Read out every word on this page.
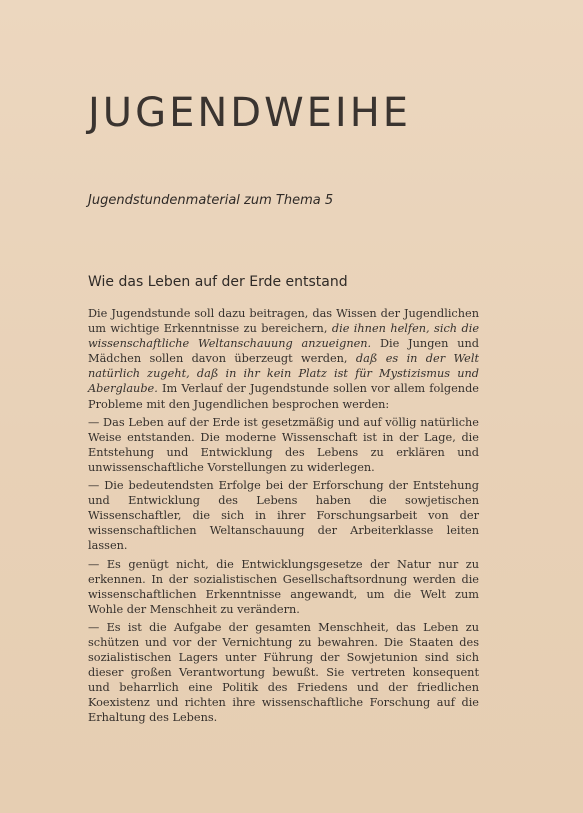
JUGENDWEIHE
Jugendstundenmaterial zum Thema 5
Wie das Leben auf der Erde entstand

Die Jugendstunde soll dazu beitragen, das Wissen der Jugendlichen um wichtige Erkenntnisse zu bereichern, die ihnen helfen, sich die wissenschaftliche Weltanschauung anzueignen. Die Jungen und Mädchen sollen davon überzeugt werden, daß es in der Welt natürlich zugeht, daß in ihr kein Platz ist für Mystizismus und Aberglaube. Im Verlauf der Jugendstunde sollen vor allem folgende Probleme mit den Jugendlichen besprochen werden:

— Das Leben auf der Erde ist gesetzmäßig und auf völlig natürliche Weise entstanden. Die moderne Wissenschaft ist in der Lage, die Entstehung und Entwicklung des Lebens zu erklären und unwissenschaftliche Vorstellungen zu widerlegen.

— Die bedeutendsten Erfolge bei der Erforschung der Entstehung und Entwicklung des Lebens haben die sowjetischen Wissenschaftler, die sich in ihrer Forschungsarbeit von der wissenschaftlichen Weltanschauung der Arbeiterklasse leiten lassen.

— Es genügt nicht, die Entwicklungsgesetze der Natur nur zu erkennen. In der sozialistischen Gesellschaftsordnung werden die wissenschaftlichen Erkenntnisse angewandt, um die Welt zum Wohle der Menschheit zu verändern.

— Es ist die Aufgabe der gesamten Menschheit, das Leben zu schützen und vor der Vernichtung zu bewahren. Die Staaten des sozialistischen Lagers unter Führung der Sowjetunion sind sich dieser großen Verantwortung bewußt. Sie vertreten konsequent und beharrlich eine Politik des Friedens und der friedlichen Koexistenz und richten ihre wissenschaftliche Forschung auf die Erhaltung des Lebens.
